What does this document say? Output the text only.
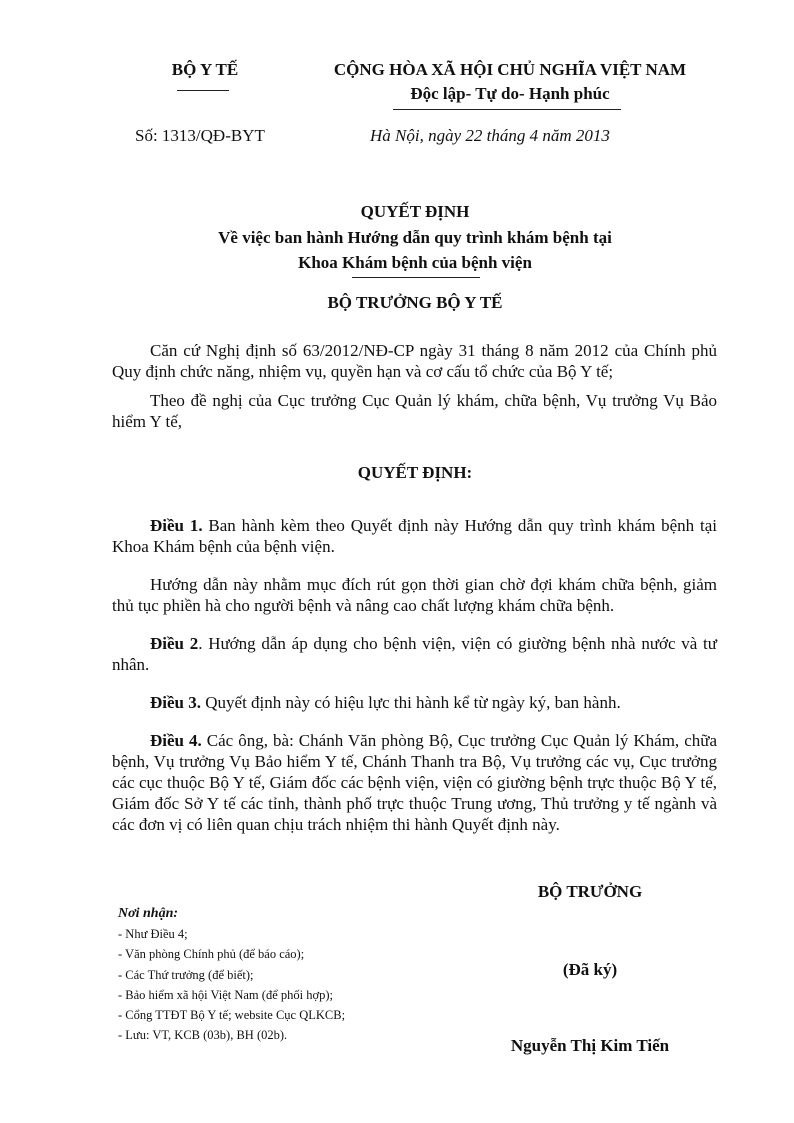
BỘ Y TẾ	CỘNG HÒA XÃ HỘI CHỦ NGHĨA VIỆT NAM
Độc lập- Tự do- Hạnh phúc
Số: 1313/QĐ-BYT	Hà Nội, ngày 22 tháng 4 năm 2013
QUYẾT ĐỊNH
Về việc ban hành Hướng dẫn quy trình khám bệnh tại
Khoa Khám bệnh của bệnh viện
BỘ TRƯỞNG BỘ Y TẾ
Căn cứ Nghị định số 63/2012/NĐ-CP ngày 31 tháng 8 năm 2012 của Chính phủ Quy định chức năng, nhiệm vụ, quyền hạn và cơ cấu tổ chức của Bộ Y tế;
Theo đề nghị của Cục trưởng Cục Quản lý khám, chữa bệnh, Vụ trưởng Vụ Bảo hiểm Y tế,
QUYẾT ĐỊNH:
Điều 1. Ban hành kèm theo Quyết định này Hướng dẫn quy trình khám bệnh tại Khoa Khám bệnh của bệnh viện.
Hướng dẫn này nhằm mục đích rút gọn thời gian chờ đợi khám chữa bệnh, giảm thủ tục phiền hà cho người bệnh và nâng cao chất lượng khám chữa bệnh.
Điều 2. Hướng dẫn áp dụng cho bệnh viện, viện có giường bệnh nhà nước và tư nhân.
Điều 3. Quyết định này có hiệu lực thi hành kể từ ngày ký, ban hành.
Điều 4. Các ông, bà: Chánh Văn phòng Bộ, Cục trưởng Cục Quản lý Khám, chữa bệnh, Vụ trưởng Vụ Bảo hiểm Y tế, Chánh Thanh tra Bộ, Vụ trưởng các vụ, Cục trưởng các cục thuộc Bộ Y tế, Giám đốc các bệnh viện, viện có giường bệnh trực thuộc Bộ Y tế, Giám đốc Sở Y tế các tỉnh, thành phố trực thuộc Trung ương, Thủ trưởng y tế ngành và các đơn vị có liên quan chịu trách nhiệm thi hành Quyết định này.
Nơi nhận:
- Như Điều 4;
- Văn phòng Chính phủ (để báo cáo);
- Các Thứ trưởng (để biết);
- Bảo hiểm xã hội Việt Nam (để phối hợp);
- Cổng TTĐT Bộ Y tế; website Cục QLKCB;
- Lưu: VT, KCB (03b), BH (02b).
BỘ TRƯỞNG
(Đã ký)
Nguyễn Thị Kim Tiến
